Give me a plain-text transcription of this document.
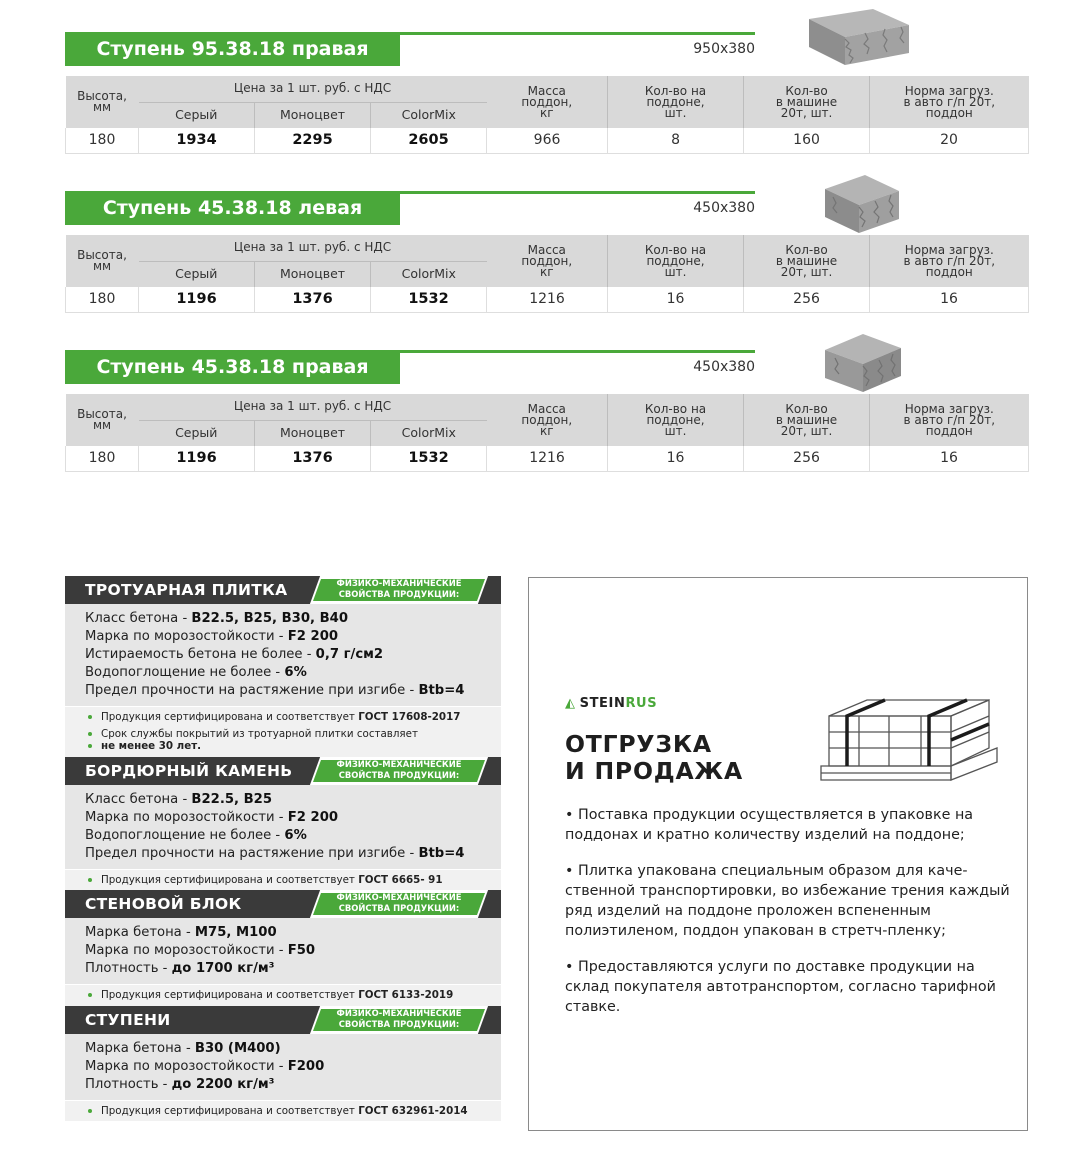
Ступень 95.38.18 правая	950х380
Высота,
мм	Цена за 1 шт. руб. с НДС			Масса
поддон,
кг	Кол-во на
поддоне,
шт.	Кол-во
в машине
20т, шт.	Норма загруз.
в авто г/п 20т,
поддон
	Серый	Моноцвет	ColorMix				
180	1934	2295	2605	966	8	160	20
Ступень 45.38.18 левая	450х380
Высота,
мм	Цена за 1 шт. руб. с НДС			Масса
поддон,
кг	Кол-во на
поддоне,
шт.	Кол-во
в машине
20т, шт.	Норма загруз.
в авто г/п 20т,
поддон
	Серый	Моноцвет	ColorMix				
180	1196	1376	1532	1216	16	256	16
Ступень 45.38.18 правая	450х380
Высота,
мм	Цена за 1 шт. руб. с НДС			Масса
поддон,
кг	Кол-во на
поддоне,
шт.	Кол-во
в машине
20т, шт.	Норма загруз.
в авто г/п 20т,
поддон
	Серый	Моноцвет	ColorMix				
180	1196	1376	1532	1216	16	256	16
ТРОТУАРНАЯ ПЛИТКА	ФИЗИКО-МЕХАНИЧЕСКИЕ
СВОЙСТВА ПРОДУКЦИИ:
Класс бетона - В22.5, В25, В30, В40
Марка по морозостойкости - F2 200
Истираемость бетона не более - 0,7 г/см2
Водопоглощение не более - 6%
Предел прочности на растяжение при изгибе - Btb=4
Продукция сертифицирована и соответствует ГОСТ 17608-2017
Срок службы покрытий из тротуарной плитки составляет
не менее 30 лет.
БОРДЮРНЫЙ КАМЕНЬ	ФИЗИКО-МЕХАНИЧЕСКИЕ
СВОЙСТВА ПРОДУКЦИИ:
Класс бетона - В22.5, В25
Марка по морозостойкости - F2 200
Водопоглощение не более - 6%
Предел прочности на растяжение при изгибе - Btb=4
Продукция сертифицирована и соответствует ГОСТ 6665- 91
СТЕНОВОЙ БЛОК	ФИЗИКО-МЕХАНИЧЕСКИЕ
СВОЙСТВА ПРОДУКЦИИ:
Марка бетона - М75, М100
Марка по морозостойкости - F50
Плотность - до 1700 кг/м³
Продукция сертифицирована и соответствует ГОСТ 6133-2019
СТУПЕНИ	ФИЗИКО-МЕХАНИЧЕСКИЕ
СВОЙСТВА ПРОДУКЦИИ:
Марка бетона - В30 (М400)
Марка по морозостойкости - F200
Плотность - до 2200 кг/м³
Продукция сертифицирована и соответствует ГОСТ 632961-2014
◭ STEINRUS
ОТГРУЗКА
И ПРОДАЖА
• Поставка продукции осуществляется в упаковке на поддонах и кратно количеству изделий на поддоне;
• Плитка упакована специальным образом для каче-ственной транспортировки, во избежание трения каждый ряд изделий на поддоне проложен вспененным полиэтиленом, поддон упакован в стретч-пленку;
• Предоставляются услуги по доставке продукции на склад покупателя автотранспортом, согласно тарифной ставке.
